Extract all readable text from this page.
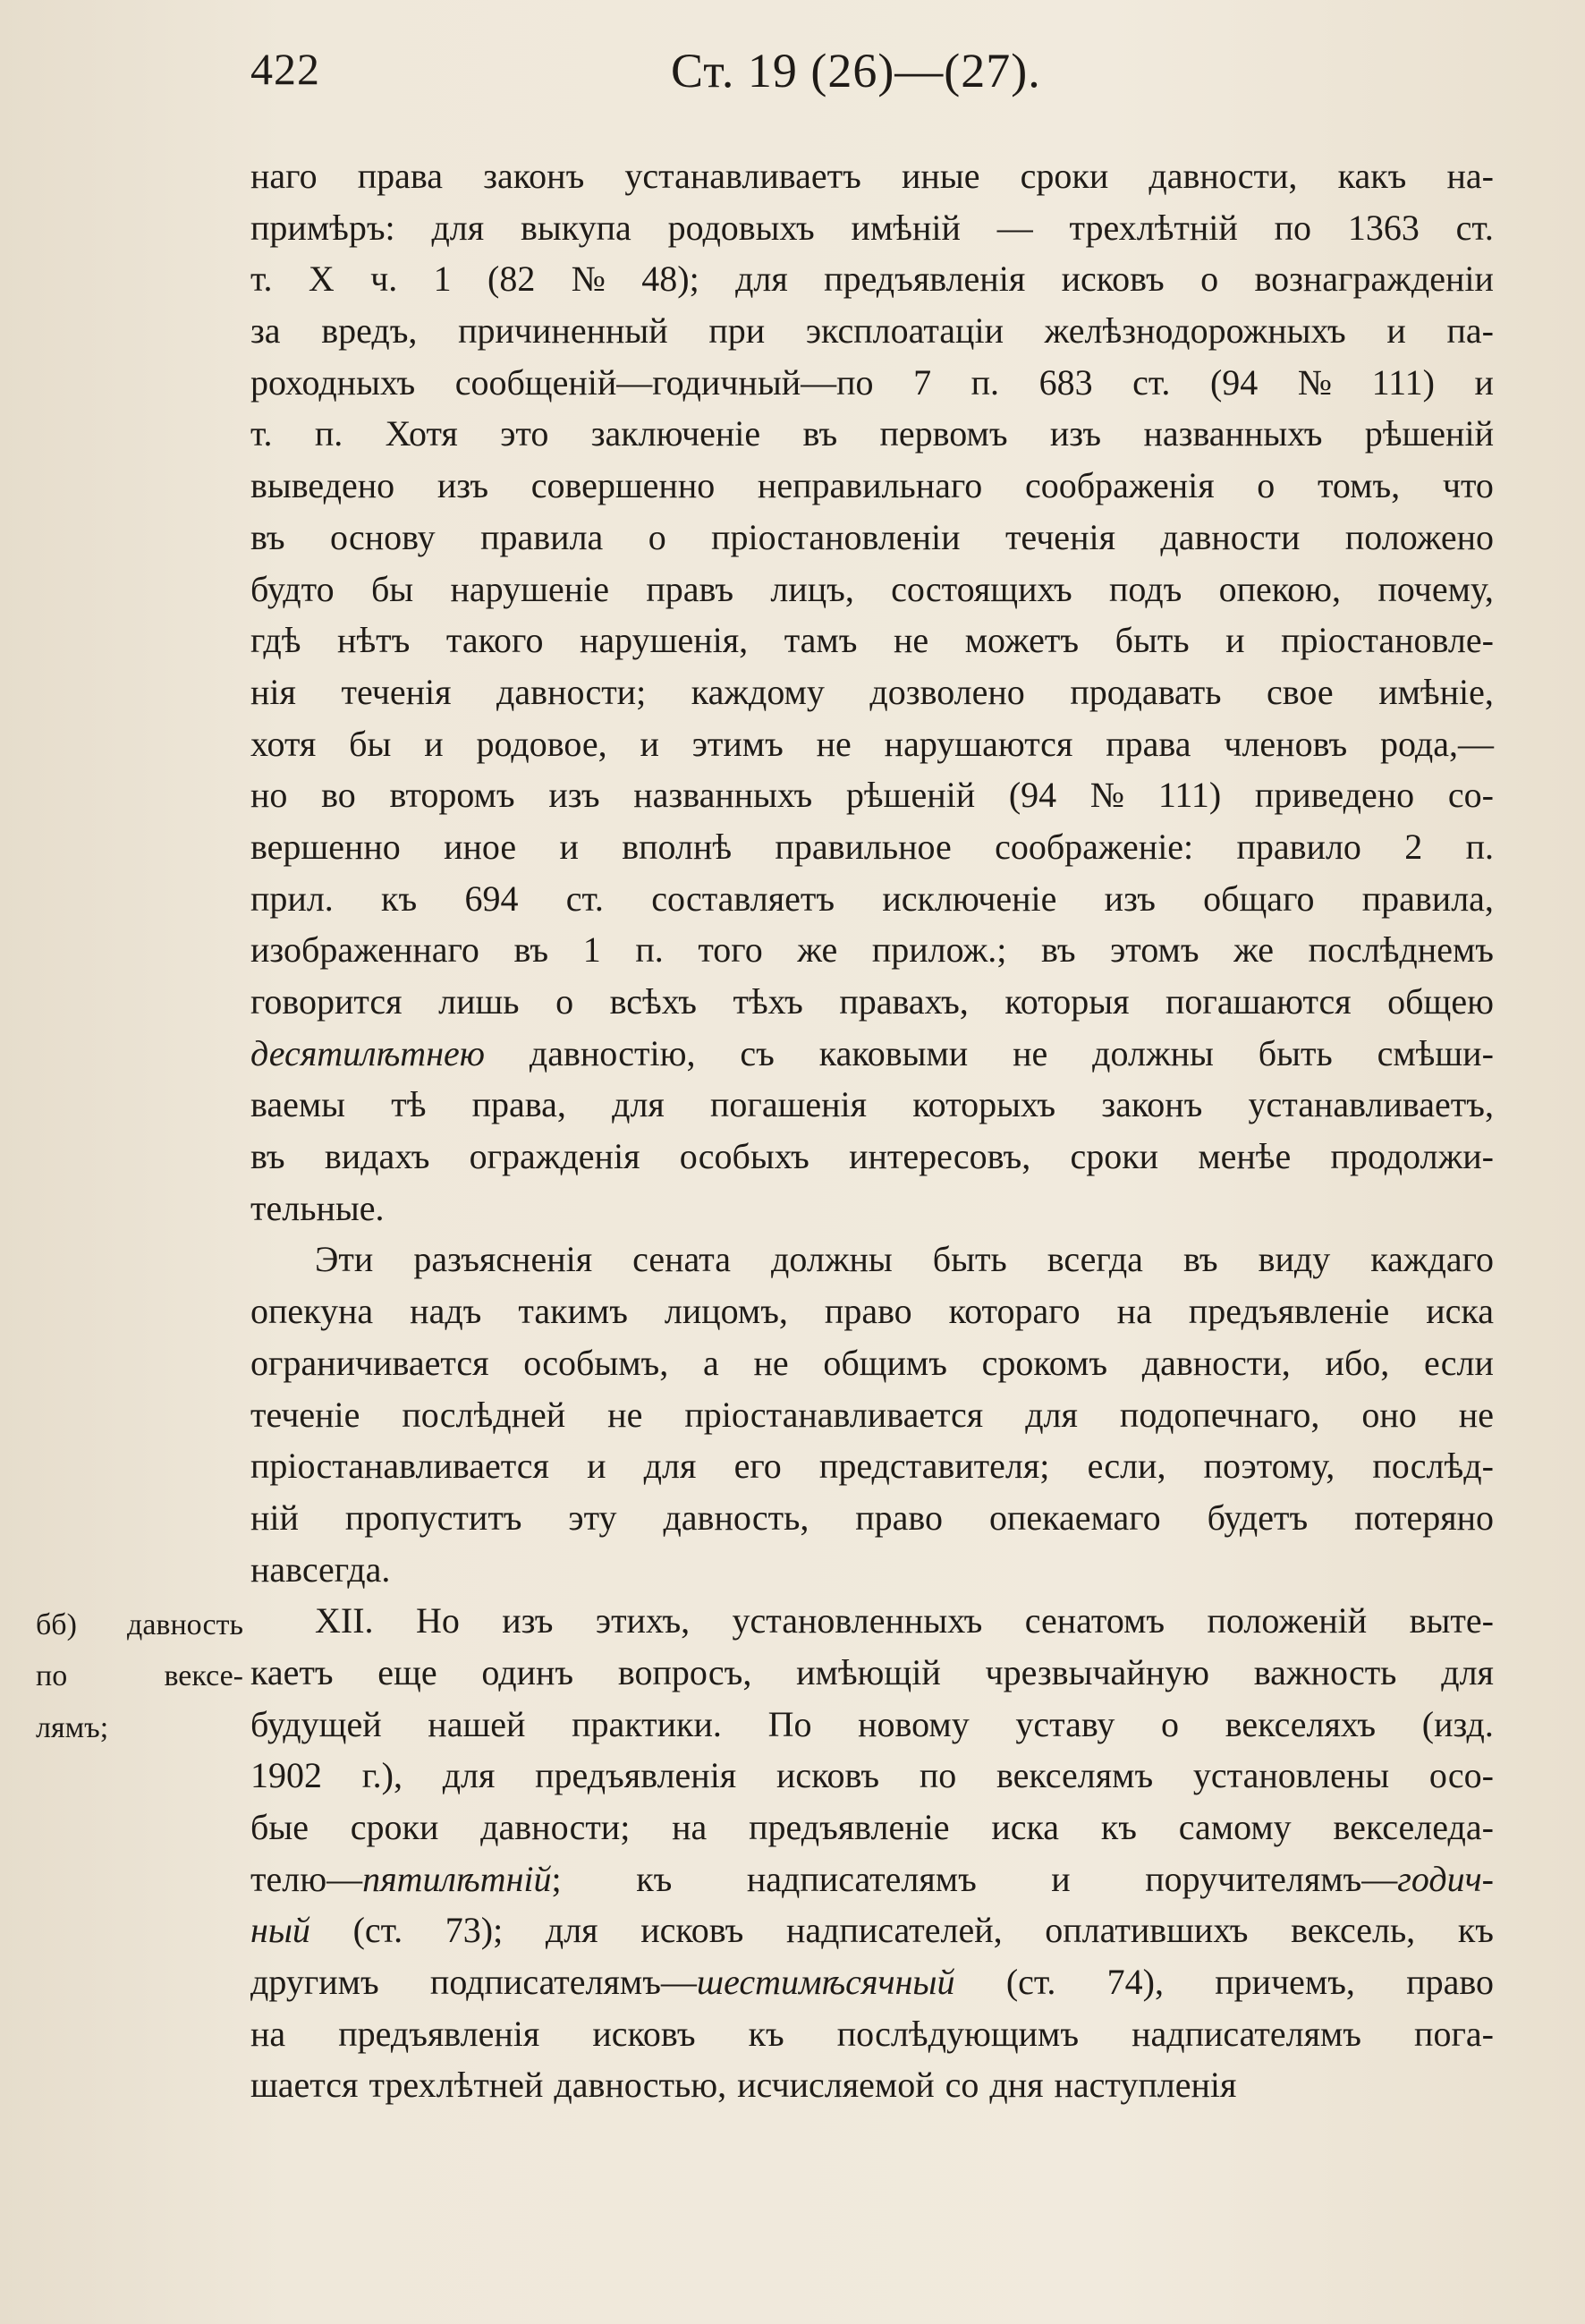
422	Ст. 19 (26)—(27).
бб) давность
по	вексе-
лямъ;
наго права законъ устанавливаетъ иные сроки давности, какъ на-
примѣръ: для выкупа родовыхъ имѣній — трехлѣтній по 1363 ст.
т. X ч. 1 (82 № 48); для предъявленія исковъ о вознагражденіи
за вредъ, причиненный при эксплоатаціи желѣзнодорожныхъ и па-
роходныхъ сообщеній—годичный—по 7 п. 683 ст. (94 № 111) и
т. п. Хотя это заключеніе въ первомъ изъ названныхъ рѣшеній
выведено изъ совершенно неправильнаго соображенія о томъ, что
въ основу правила о пріостановленіи теченія давности положено
будто бы нарушеніе правъ лицъ, состоящихъ подъ опекою, почему,
гдѣ нѣтъ такого нарушенія, тамъ не можетъ быть и пріостановле-
нія теченія давности; каждому дозволено продавать свое имѣніе,
хотя бы и родовое, и этимъ не нарушаются права членовъ рода,—
но во второмъ изъ названныхъ рѣшеній (94 № 111) приведено со-
вершенно иное и вполнѣ правильное соображеніе: правило 2 п.
прил. къ 694 ст. составляетъ исключеніе изъ общаго правила,
изображеннаго въ 1 п. того же прилож.; въ этомъ же послѣднемъ
говорится лишь о всѣхъ тѣхъ правахъ, которыя погашаются общею
десятилѣтнею давностію, съ каковыми не должны быть смѣши-
ваемы тѣ права, для погашенія которыхъ законъ устанавливаетъ,
въ видахъ огражденія особыхъ интересовъ, сроки менѣе продолжи-
тельные.
Эти разъясненія сената должны быть всегда въ виду каждаго
опекуна надъ такимъ лицомъ, право котораго на предъявленіе иска
ограничивается особымъ, а не общимъ срокомъ давности, ибо, если
теченіе послѣдней не пріостанавливается для подопечнаго, оно не
пріостанавливается и для его представителя; если, поэтому, послѣд-
ній пропуститъ эту давность, право опекаемаго будетъ потеряно
навсегда.
XII. Но изъ этихъ, установленныхъ сенатомъ положеній выте-
каетъ еще одинъ вопросъ, имѣющій чрезвычайную важность для
будущей нашей практики. По новому уставу о векселяхъ (изд.
1902 г.), для предъявленія исковъ по векселямъ установлены осо-
бые сроки давности; на предъявленіе иска къ самому векселеда-
телю—пятилѣтній; къ надписателямъ и поручителямъ—годич-
ный (ст. 73); для исковъ надписателей, оплатившихъ вексель, къ
другимъ подписателямъ—шестимѣсячный (ст. 74), причемъ, право
на предъявленія исковъ къ послѣдующимъ надписателямъ пога-
шается трехлѣтней давностью, исчисляемой со дня наступленія
